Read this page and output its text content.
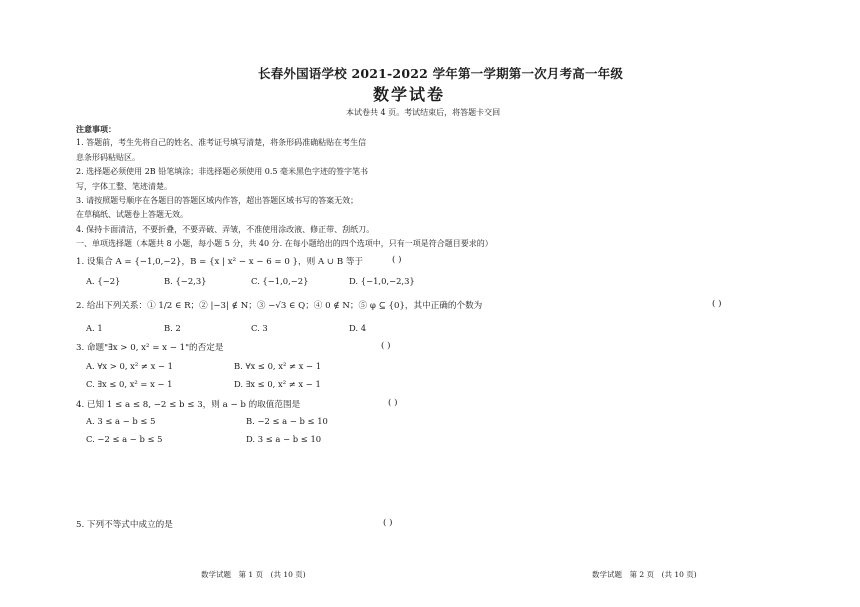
长春外国语学校 2021-2022 学年第一学期第一次月考高一年级
数学试卷
本试卷共 4 页。考试结束后，将答题卡交回
注意事项：
1. 答题前，考生先将自己的姓名、准考证号填写清楚，将条形码准确粘贴在考生信
息条形码粘贴区。
2. 选择题必须使用 2B 铅笔填涂；非选择题必须使用 0.5 毫米黑色字迹的签字笔书
写，字体工整、笔迹清楚。
3. 请按照题号顺序在各题目的答题区域内作答，超出答题区域书写的答案无效；
在草稿纸、试题卷上答题无效。
4. 保持卡面清洁，不要折叠，不要弄破、弄皱，不准使用涂改液、修正带、刮纸刀。
一、单项选择题（本题共 8 小题，每小题 5 分，共 40 分. 在每小题给出的四个选项中，只有一项是符合题目要求的）
1. 设集合 A = {−1,0,−2}，B = {x | x² − x − 6 = 0 }，则 A ∪ B 等于	( )
A. {−2}	B. {−2,3}	C. {−1,0,−2}	D. {−1,0,−2,3}
2. 给出下列关系：① 1/2 ∈ R；② |−3| ∉ N；③ −√3 ∈ Q；④ 0 ∉ N；⑤ φ ⊆ {0}，其中正确的个数为	( )
A. 1	B. 2	C. 3	D. 4
3. 命题"∃x > 0, x² = x − 1"的否定是	( )
A. ∀x > 0, x² ≠ x − 1	B. ∀x ≤ 0, x² ≠ x − 1
C. ∃x ≤ 0, x² = x − 1	D. ∃x ≤ 0, x² ≠ x − 1
4. 已知 1 ≤ a ≤ 8, −2 ≤ b ≤ 3，则 a − b 的取值范围是	( )
A. 3 ≤ a − b ≤ 5	B. −2 ≤ a − b ≤ 10
C. −2 ≤ a − b ≤ 5	D. 3 ≤ a − b ≤ 10
5. 下列不等式中成立的是	( )
数学试题　第 1 页　(共 10 页)	数学试题　第 2 页　(共 10 页)
